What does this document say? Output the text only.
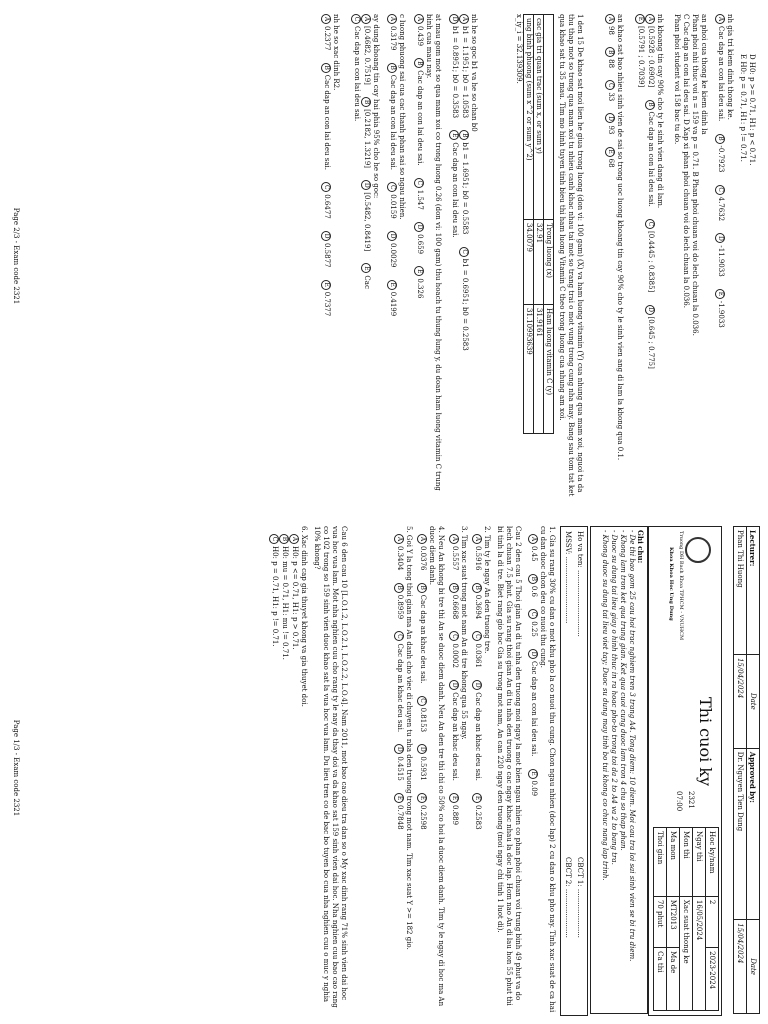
Lecturer:	Date	Approved by:	Date
Phan Thi Huong	15/04/2024	Dr. Nguyen Tien Dung	15/04/2024
Truong DH Bach Khoa TPHCM - VNUHCM
Khoa Khoa Hoc Ung Dung
Thi cuoi ky
Hoc ky/nam	2	2023-2024
Ngay thi	16/05/2024	
Mon thi	Xac suat thong ke	
Ma mon	MT2013	Ma de
Thoi gian	70 phut	Ca thi
2321
07:00
Ghi chu:
- De thi bao gom 25 cau hoi trac nghiem tren 3 trang A4. Tong diem: 10 diem. Moi cau tra loi sai sinh vien se bi tru diem.
- Khong lam tron ket qua trung gian. Ket qua cuoi cung duoc lam tron 4 chu so thap phan.
- Duoc su dung tai lieu giay o hinh thuc in ra hoac pho-to trong toi da 2 to A4 va 2 to bang tra.
- Khong duoc su dung tai lieu viet tay; Duoc su dung may tinh bo tui khong co chuc nang lap trinh.
Ho va ten: ..............................
CBCT 1: ......................
MSSV: ..............................
CBCT 2: ......................
1. Gia su rang 30% cu dan o mot khu pho la co nuoi thu cung. Chon ngau nhien (doc lap) 2 cu dan o khu pho nay. Tinh xac suat de ca hai cu dan duoc chon deu co nuoi thu cung.
$\frac{A}{0.45} \frac{B}{0.6} \frac{C}{0.25}$ DCac dap an con lai deu sai. $\frac{E}{0.09}$
Cau 2 den cau 5 Thoi gian An di tu nha den truong moi ngay la mot bien ngau nhien co phan phoi chuan voi trung binh 49 phut va do lech chuan 7.5 phut. Gia su rang thoi gian An di tu nha den truong o cac ngay khac nhau la doc lap. Hom nao An di lau hon 55 phut thi bi tinh la di tre. Biet rang gio hoc Gia su trong mot nam, An can 220 ngay den truong (moi ngay chi tinh 1 luot di).
2. Tim ty le ngay An den truong tre.
$\frac{A}{0.5916} \frac{B}{0.3694} \frac{C}{0.0361}$ DCac dap an khac deu sai. $\frac{E}{0.2583}$
3. Tim xac suat trong mot nam An di tre khong qua 55 ngay.
$\frac{A}{0.5557} \frac{B}{0.6668} \frac{C}{0.0002}$ DCac dap an khac deu sai. $\frac{E}{0.889}$
4. Neu An khong bi tre thi An se duoc diem danh. Neu An den tre thi chi co 50% co hoi la duoc diem danh. Tim ty le ngay di hoc ma An duoc diem danh.
$\frac{A}{0.0376}$ BCac dap an khac deu sai. $\frac{C}{0.8153} \frac{D}{0.5931} \frac{E}{0.2598}$
5. Goi Y la tong thoi gian ma An danh cho viec di chuyen tu nha den truong trong mot nam. Tim xac suat Y >= 182 gio.
$\frac{A}{0.3404} \frac{B}{0.8959}$ CCac dap an khac deu sai. $\frac{D}{0.4515} \frac{E}{0.7848}$
Cau 6 den cau 10 [L.O.1.2, L.O.2.1, L.O.2.2, L.O.4]. Nam 2011, mot bao cao dieu tra dan so o My xac dinh rang 71% sinh vien dai hoc vua hoc vua lam. Mot nha nghien cuu cho rang ty le nay da thay doi va da khao sat 159 sinh vien dai hoc. Nha nghien cuu bao cao rang co 102 trong so 159 sinh vien duoc khao sat la vua hoc vua lam. Du lieu tren co de bac bo tuyen bo cua nha nghien cuu o muc y nghia 10% khong?
6. Xac dinh cap gia thuyet khong va gia thuyet doi.
AH0: p <= 0.71, H1: p > 0.71.
BH0: mu = 0.71, H1: mu != 0.71.
CH0: p = 0.71, H1: p != 0.71.
Page 1/3 - Exam code 2321
D H0: p >= 0.71, H1: p < 0.71.
E H0: p = 0.71, H1: p != 0.71.
nh gia tri kiem dinh thong ke.
ACac dap an con lai deu sai. $\frac{B}{-0.7923} \frac{C}{4.7632} \frac{D}{-11.9033} \frac{E}{-1.9033}$
an phoi cua thong ke kiem dinh la
Phan phoi nhi thuc voi n = 159 va p = 0.71. B Phan phoi chuan voi do lech chuan la 0.036.
C Cac dap an con lai deu sai. D Xap xi phan phoi chuan voi do lech chuan la 0.036.
Phan phoi student voi 158 bac tu do.
nh khoang tin cay 90% cho ty le sinh vien dang di lam.
$\frac{A}{[0.5928 ; 0.6902]}$ BCac dap an con lai deu sai. $\frac{C}{[0.4445 ; 0.8385]} \frac{D}{[0.645 ; 0.775]}$
$\frac{E}{[0.5791 ; 0.7039]}$
an khao sat bao nhieu sinh vien de sai so trong uoc luong khoang tin cay 90% cho ty le sinh vien ang di lam la khong qua 0.1.
$\frac{A}{98} \frac{B}{88} \frac{C}{33} \frac{D}{93} \frac{E}{68}$
1 den 15 De khao sat moi lien he giua trong luong (don vi: 100 gam) (X) va ham luong vitamin (Y) cua nhung qua mam xoi, nguoi ta da thu thap mot so trong qua mam xoi tu nhieu canh khac nhau tai mot so trang trai o mot vung trong cung nha may. Bang sau tom tat ket qua khao sat tu 35 mau. Tim mo hinh tuyen tinh bieu thi ham luong Vitamin C theo trong luong cua nhung am xoi.
	Trong luong (x)	Ham luong vitamin C (y)
cac gia tri quan trac (sum x, or sum y)	32.91	31.9161
ung binh phuong (sum x^2 or sum y^2)	34.0079	31.10993639
x_iy_i = 32.139309.
nh he so goc b1 va he so chan b0
$\frac{A}{b1 = 1.1951; b0 = 1.0583} \frac{B}{b1 = 1.6951; b0 = 0.5583} \frac{C}{b1 = 0.6951; b0 = 0.2583}$
$\frac{D}{b1 = 0.8951; b0 = 0.3583}$ ECac dap an con lai deu sai.
at mau gom mot so qua mam xoi co trong luong 0.26 (don vi: 100 gam) thu hoach tu thung lung y, du doan ham luong vitamin C trung binh cua mau nay.
$\frac{A}{0.439}$ BCac dap an con lai deu sai. $\frac{C}{1.547} \frac{D}{0.659} \frac{E}{0.326}$
c luong phuong sai cua cac thanh phan sai so ngau nhien.
$\frac{A}{0.3179}$ BCac dap an con lai deu sai. $\frac{C}{0.0159} \frac{D}{0.0029} \frac{E}{0.4199}$
ay dung khoang tin cay hai phia 95% cho he so goc:
$\frac{A}{[0.4682, 0.7519]} \frac{B}{[0.2182, 1.3219]} \frac{D}{[0.5482, 0.8419]}$ ECac
CCac dap an con lai deu sai.
nh he so xac dinh R2.
$\frac{A}{0.2377}$ BCac dap an con lai deu sai. $\frac{C}{0.6477} \frac{D}{0.5877} \frac{E}{0.7377}$
Page 2/3 - Exam code 2321
